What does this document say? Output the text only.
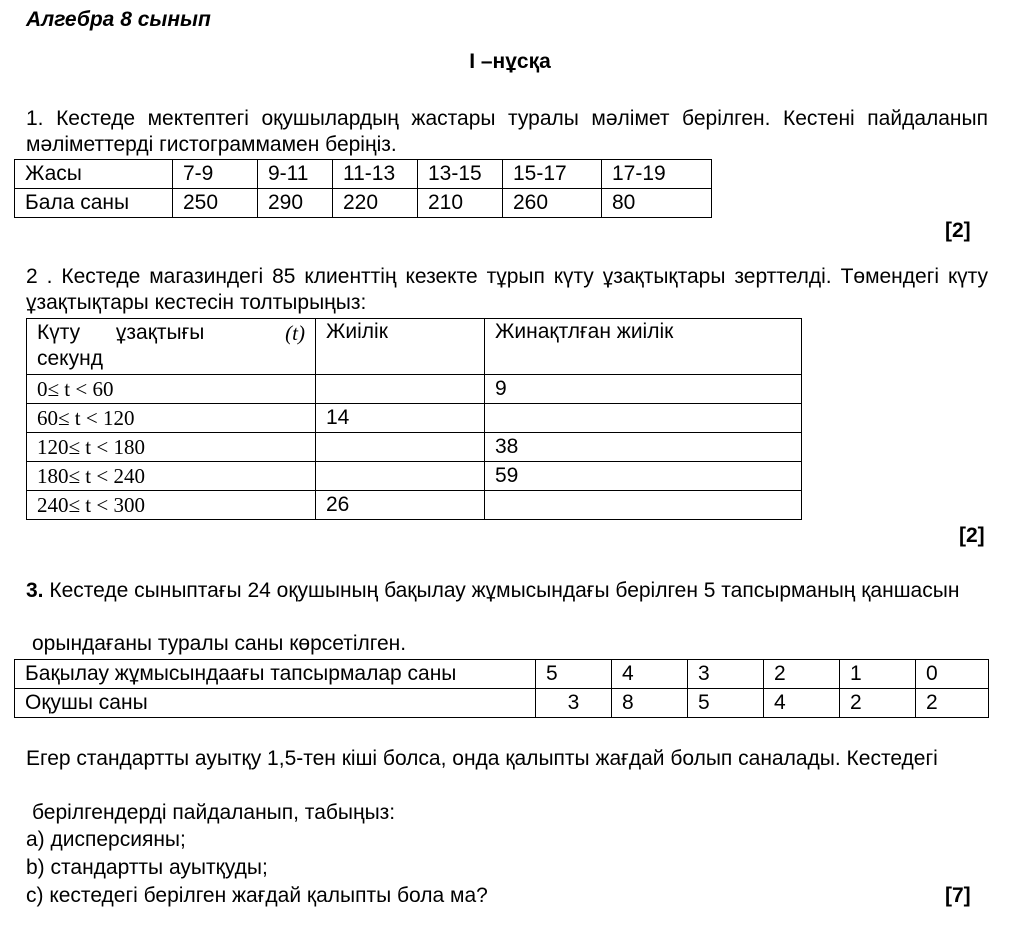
Алгебра 8 сынып
I –нұсқа
1. Кестеде мектептегі оқушылардың жастары туралы мәлімет берілген. Кестені пайдаланып мәліметтерді гистограммамен беріңіз.
Жасы	7-9	9-11	11-13	13-15	15-17	17-19
Бала саны	250	290	220	210	260	80
[2]
2 . Кестеде магазиндегі 85 клиенттің кезекте тұрып күту ұзақтықтары зерттелді. Төмендегі күту ұзақтықтары кестесін толтырыңыз:
Күту ұзақтығы (t)
секунд	Жиілік	Жинақтлған жиілік
0≤ t < 60		9
60≤ t < 120	14	
120≤ t < 180		38
180≤ t < 240		59
240≤ t < 300	26	
[2]
3. Кестеде сыныптағы 24 оқушының бақылау жұмысындағы берілген 5 тапсырманың қаншасын
орындағаны туралы саны көрсетілген.
Бақылау жұмысындаағы тапсырмалар саны	5	4	3	2	1	0
Оқушы саны	3	8	5	4	2	2
Егер стандартты ауытқу 1,5-тен кіші болса, онда қалыпты жағдай болып саналады. Кестедегі
берілгендерді пайдаланып, табыңыз:
a) дисперсияны;
b) стандартты ауытқуды;
c) кестедегі берілген жағдай қалыпты бола ма?	[7]
